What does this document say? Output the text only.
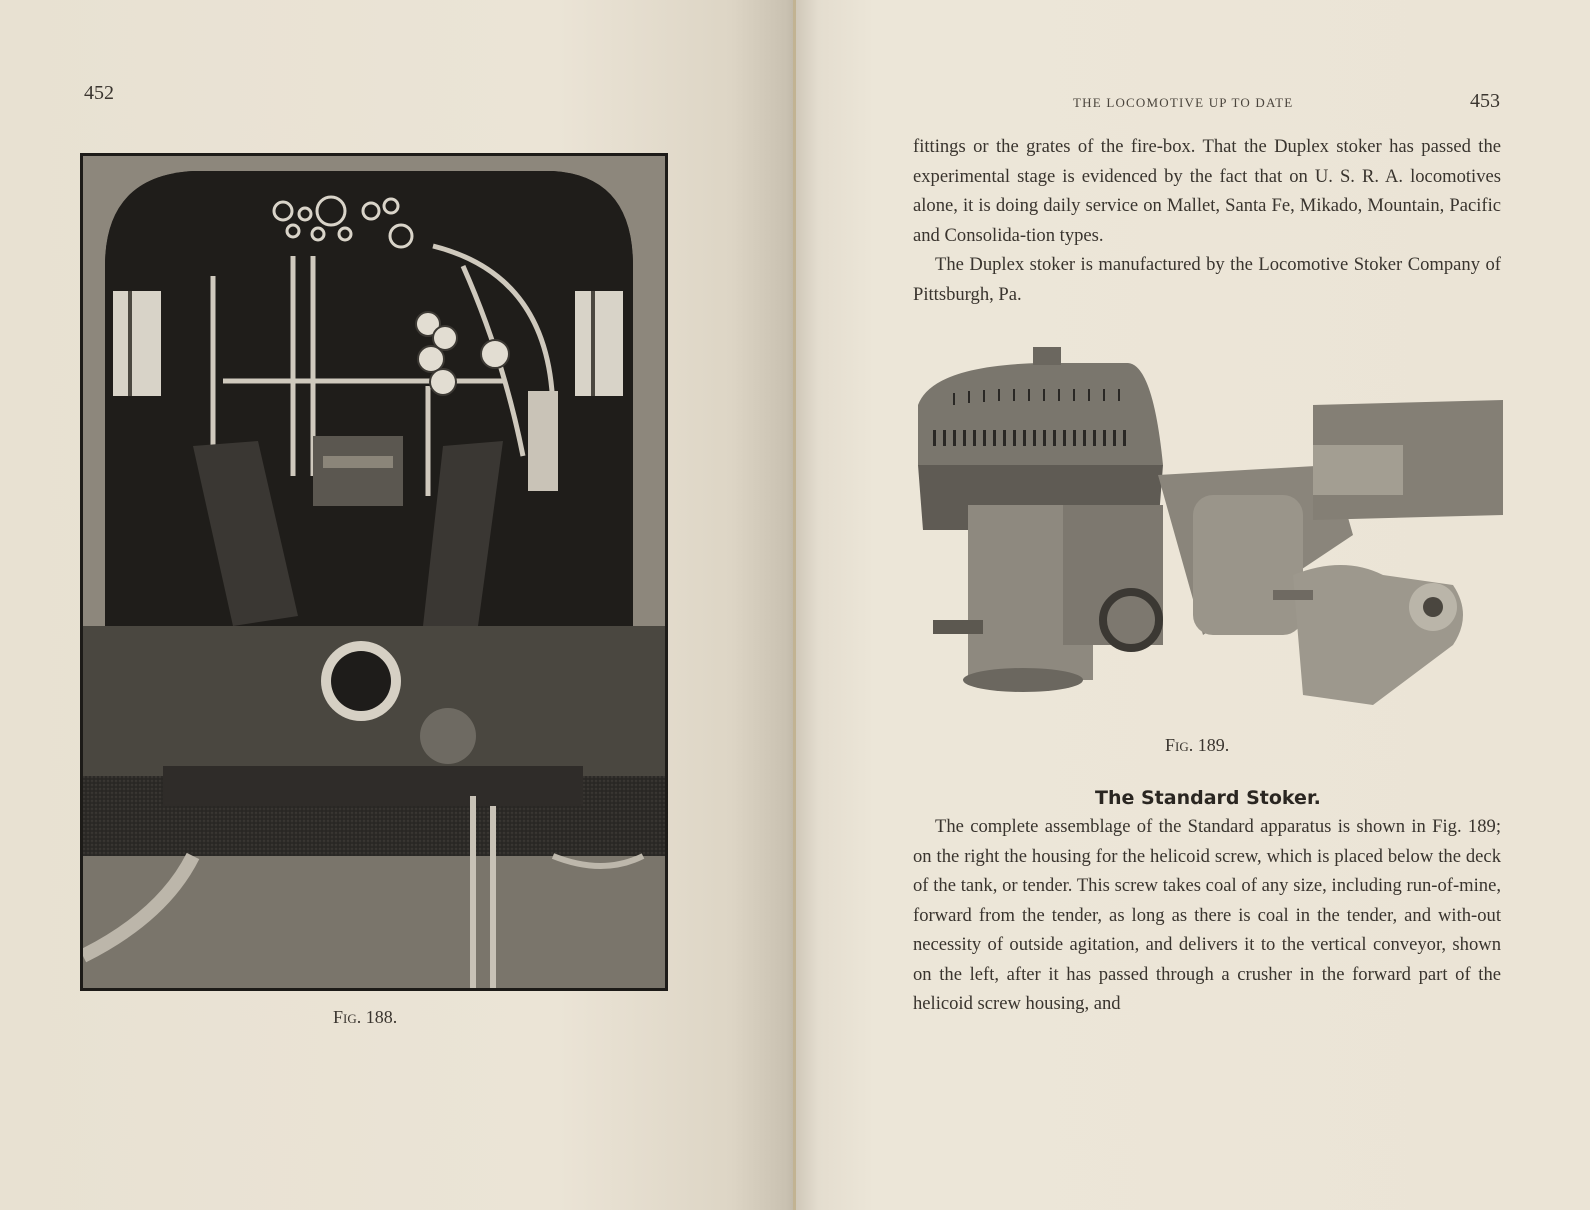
452
Fig. 188.
THE LOCOMOTIVE UP TO DATE	453

fittings or the grates of the fire-box. That the Duplex stoker has passed the experimental stage is evidenced by the fact that on U. S. R. A. locomotives alone, it is doing daily service on Mallet, Santa Fe, Mikado, Mountain, Pacific and Consolida-tion types.

The Duplex stoker is manufactured by the Locomotive Stoker Company of Pittsburgh, Pa.

Fig. 189.
The Standard Stoker.

The complete assemblage of the Standard apparatus is shown in Fig. 189; on the right the housing for the helicoid screw, which is placed below the deck of the tank, or tender. This screw takes coal of any size, including run-of-mine, forward from the tender, as long as there is coal in the tender, and with-out necessity of outside agitation, and delivers it to the vertical conveyor, shown on the left, after it has passed through a crusher in the forward part of the helicoid screw housing, and
